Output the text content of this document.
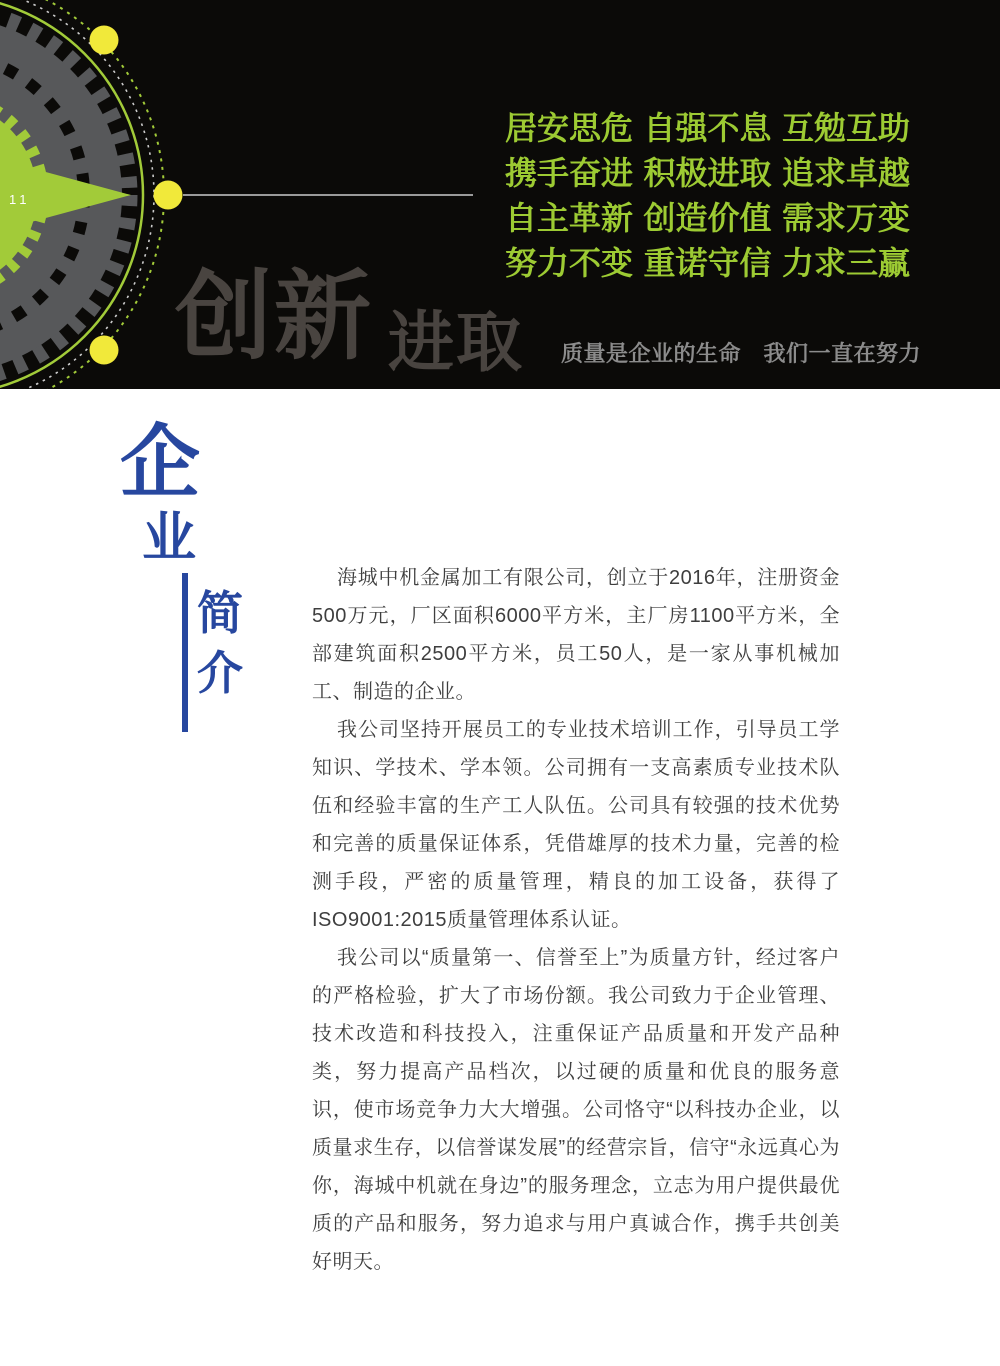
11
居安思危 自强不息 互勉互助
携手奋进 积极进取 追求卓越
自主革新 创造价值 需求万变
努力不变 重诺守信 力求三赢
创新 进取 质量是企业的生命　我们一直在努力
企
业
简
介

海城中机金属加工有限公司，创立于2016年，注册资金500万元，厂区面积6000平方米，主厂房1100平方米，全部建筑面积2500平方米，员工50人，是一家从事机械加工、制造的企业。

我公司坚持开展员工的专业技术培训工作，引导员工学知识、学技术、学本领。公司拥有一支高素质专业技术队伍和经验丰富的生产工人队伍。公司具有较强的技术优势和完善的质量保证体系，凭借雄厚的技术力量，完善的检测手段，严密的质量管理，精良的加工设备，获得了ISO9001:2015质量管理体系认证。

我公司以“质量第一、信誉至上”为质量方针，经过客户的严格检验，扩大了市场份额。我公司致力于企业管理、技术改造和科技投入，注重保证产品质量和开发产品种类，努力提高产品档次，以过硬的质量和优良的服务意识，使市场竞争力大大增强。公司恪守“以科技办企业，以质量求生存，以信誉谋发展”的经营宗旨，信守“永远真心为你，海城中机就在身边”的服务理念，立志为用户提供最优质的产品和服务，努力追求与用户真诚合作，携手共创美好明天。
